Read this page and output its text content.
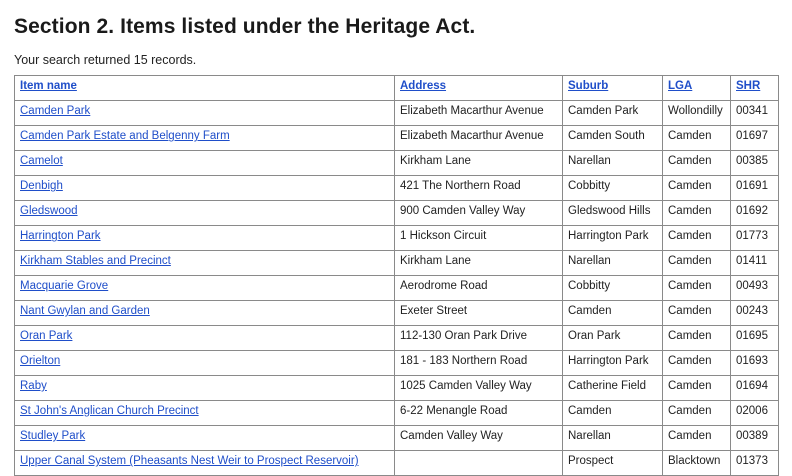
Section 2. Items listed under the Heritage Act.

Your search returned 15 records.

Item name	Address	Suburb	LGA	SHR
Camden Park	Elizabeth Macarthur Avenue	Camden Park	Wollondilly	00341
Camden Park Estate and Belgenny Farm	Elizabeth Macarthur Avenue	Camden South	Camden	01697
Camelot	Kirkham Lane	Narellan	Camden	00385
Denbigh	421 The Northern Road	Cobbitty	Camden	01691
Gledswood	900 Camden Valley Way	Gledswood Hills	Camden	01692
Harrington Park	1 Hickson Circuit	Harrington Park	Camden	01773
Kirkham Stables and Precinct	Kirkham Lane	Narellan	Camden	01411
Macquarie Grove	Aerodrome Road	Cobbitty	Camden	00493
Nant Gwylan and Garden	Exeter Street	Camden	Camden	00243
Oran Park	112-130 Oran Park Drive	Oran Park	Camden	01695
Orielton	181 - 183 Northern Road	Harrington Park	Camden	01693
Raby	1025 Camden Valley Way	Catherine Field	Camden	01694
St John's Anglican Church Precinct	6-22 Menangle Road	Camden	Camden	02006
Studley Park	Camden Valley Way	Narellan	Camden	00389
Upper Canal System (Pheasants Nest Weir to Prospect Reservoir)		Prospect	Blacktown	01373
